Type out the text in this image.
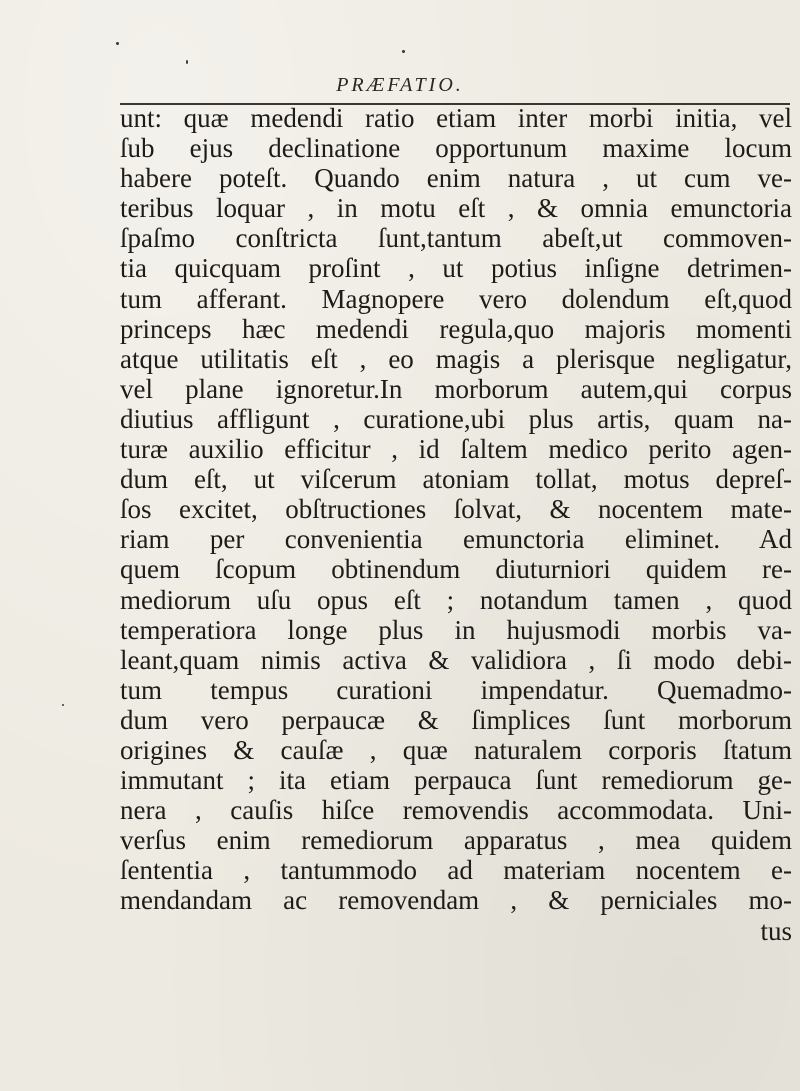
PRÆFATIO.
unt: quæ medendi ratio etiam inter morbi initia, vel
ſub ejus declinatione opportunum maxime locum
habere poteſt. Quando enim natura , ut cum ve-
teribus loquar , in motu eſt , & omnia emunctoria
ſpaſmo conſtricta ſunt,tantum abeſt,ut commoven-
tia quicquam proſint , ut potius inſigne detrimen-
tum afferant. Magnopere vero dolendum eſt,quod
princeps hæc medendi regula,quo majoris momenti
atque utilitatis eſt , eo magis a plerisque negligatur,
vel plane ignoretur.In morborum autem,qui corpus
diutius affligunt , curatione,ubi plus artis, quam na-
turæ auxilio efficitur , id ſaltem medico perito agen-
dum eſt, ut viſcerum atoniam tollat, motus depreſ-
ſos excitet, obſtructiones ſolvat, & nocentem mate-
riam per convenientia emunctoria eliminet. Ad
quem ſcopum obtinendum diuturniori quidem re-
mediorum uſu opus eſt ; notandum tamen , quod
temperatiora longe plus in hujusmodi morbis va-
leant,quam nimis activa & validiora , ſi modo debi-
tum tempus curationi impendatur. Quemadmo-
dum vero perpaucæ & ſimplices ſunt morborum
origines & cauſæ , quæ naturalem corporis ſtatum
immutant ; ita etiam perpauca ſunt remediorum ge-
nera , cauſis hiſce removendis accommodata. Uni-
verſus enim remediorum apparatus , mea quidem
ſententia , tantummodo ad materiam nocentem e-
mendandam ac removendam , & perniciales mo-
tus
